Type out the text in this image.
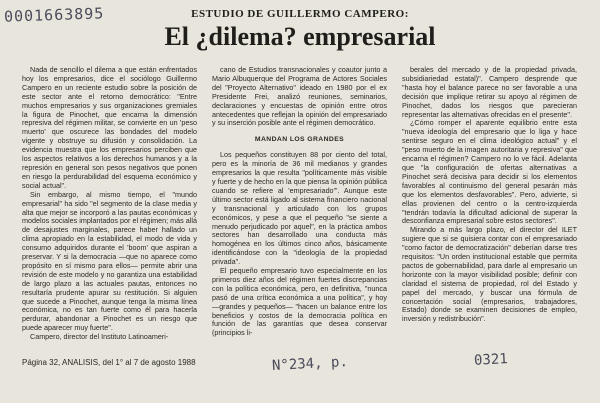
0001663895	ESTUDIO DE GUILLERMO CAMPERO:
El ¿dilema? empresarial

Nada de sencillo el dilema a que están enfrentados hoy los empresarios, dice el sociólogo Guillermo Campero en un reciente estudio sobre la posición de este sector ante el retorno democrático: "Entre muchos empresarios y sus organizaciones gremiales la figura de Pinochet, que encarna la dimensión represiva del régimen militar, se convierte en un 'peso muerto' que oscurece las bondades del modelo vigente y obstruye su difusión y consolidación. La evidencia muestra que los empresarios perciben que los aspectos relativos a los derechos humanos y a la represión en general son pesos negativos que ponen en riesgo la perdurabilidad del esquema económico y social actual".

Sin embargo, al mismo tiempo, el "mundo empresarial" ha sido "el segmento de la clase media y alta que mejor se incorporó a las pautas económicas y modelos sociales implantados por el régimen; más allá de desajustes marginales, parece haber hallado un clima apropiado en la estabilidad, el modo de vida y consumo adquiridos durante el 'boom' que aspiran a preservar. Y si la democracia —que no aparece como propósito en sí mismo para ellos— permite abrir una revisión de este modelo y no garantiza una estabilidad de largo plazo a las actuales pautas, entonces no resultaría prudente apurar su restitución. Si alguien que sucede a Pinochet, aunque tenga la misma línea económica, no es tan fuerte como él para hacerla perdurar, abandonar a Pinochet es un riesgo que puede aparecer muy fuerte".

Campero, director del Instituto Latinoameri-

cano de Estudios transnacionales y coautor junto a Mario Albuquerque del Programa de Actores Sociales del "Proyecto Alternativo" ideado en 1980 por el ex Presidente Frei, analizó reuniones, seminarios, declaraciones y encuestas de opinión entre otros antecedentes que reflejan la opinión del empresariado y su inserción posible ante el régimen democrático.

MANDAN LOS GRANDES

Los pequeños constituyen 88 por ciento del total, pero es la minoría de 36 mil medianos y grandes empresarios la que resulta "políticamente más visible y fuerte y de hecho en la que piensa la opinión pública cuando se refiere al 'empresariado'". Aunque este último sector está ligado al sistema financiero nacional y transnacional y articulado con los grupos económicos, y pese a que el pequeño "se siente a menudo perjudicado por aquel", en la práctica ambos sectores han desarrollado una conducta más homogénea en los últimos cinco años, básicamente identificándose con la "ideología de la propiedad privada".

El pequeño empresario tuvo especialmente en los primeros diez años del régimen fuertes discrepancias con la política económica, pero, en definitiva, "nunca pasó de una crítica económica a una política", y hoy —grandes y pequeños— "hacen un balance entre los beneficios y costos de la democracia política en función de las garantías que desea conservar (principios li-

berales del mercado y de la propiedad privada, subsidiariedad estatal)". Campero desprende que "hasta hoy el balance parece no ser favorable a una decisión que implique retirar su apoyo al régimen de Pinochet, dados los riesgos que parecieran representar las alternativas ofrecidas en el presente".

¿Cómo romper el aparente equilibrio entre esta "nueva ideología del empresario que lo liga y hace sentirse seguro en el clima ideológico actual" y el "peso muerto de la imagen autoritaria y represiva" que encarna el régimen? Campero no lo ve fácil. Adelanta que "la configuración de ofertas alternativas a Pinochet será decisiva para decidir si los elementos favorables al continuismo del general pesarán más que los elementos desfavorables". Pero, advierte, si ellas provienen del centro o la centro-izquierda "tendrán todavía la dificultad adicional de superar la desconfianza empresarial sobre estos sectores".

Mirando a más largo plazo, el director del ILET sugiere que si se quisiera contar con el empresariado "como factor de democratización" deberían darse tres requisitos: "Un orden institucional estable que permita pactos de gobernabilidad, para darle al empresario un horizonte con la mayor visibilidad posible; definir con claridad el sistema de propiedad, rol del Estado y papel del mercado, y buscar una fórmula de concertación social (empresarios, trabajadores, Estado) donde se examinen decisiones de empleo, inversión y redistribución".

Página 32, ANALISIS, del 1° al 7 de agosto 1988	N°234, p.	0321
